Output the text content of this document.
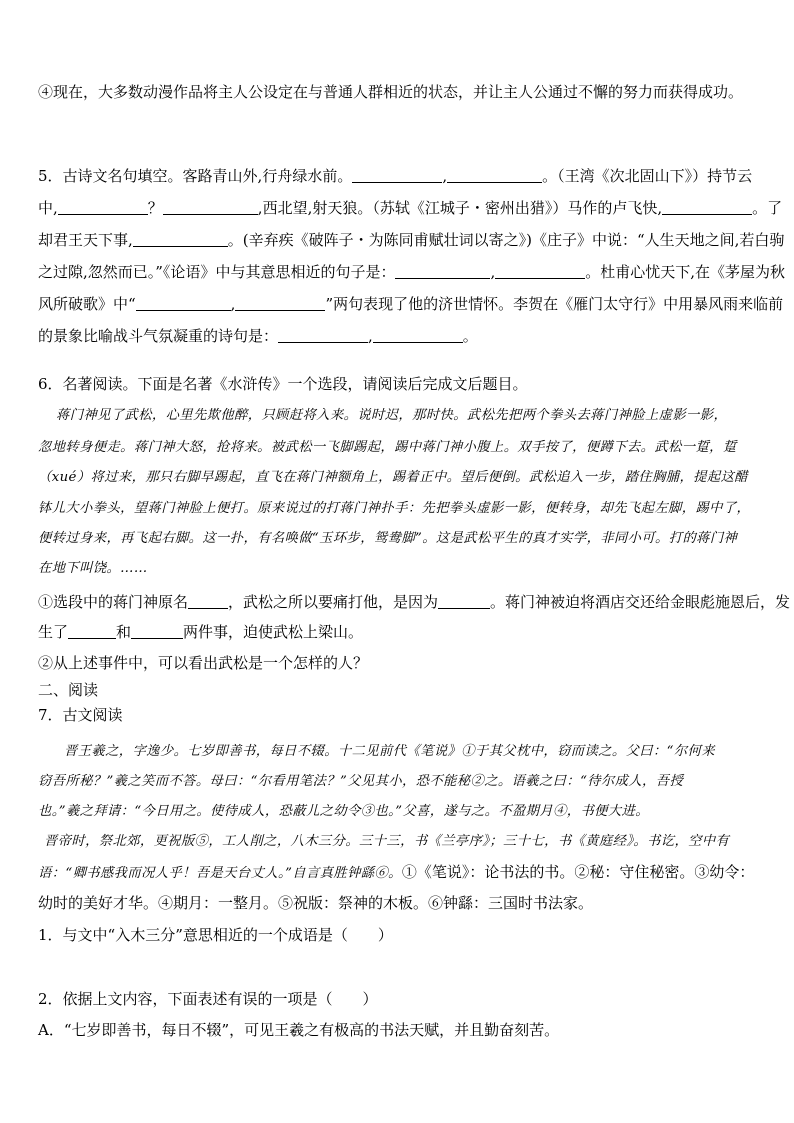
④现在，大多数动漫作品将主人公设定在与普通人群相近的状态，并让主人公通过不懈的努力而获得成功。
5．古诗文名句填空。客路青山外,行舟绿水前。	,	。（王湾《次北固山下》）持节云
中,	？	,西北望,射天狼。（苏轼《江城子・密州出猎》）马作的卢飞快,	。了
却君王天下事,	。(辛弃疾《破阵子・为陈同甫赋壮词以寄之》)《庄子》中说：“人生天地之间,若白驹
之过隙,忽然而已。”《论语》中与其意思相近的句子是：	,	。杜甫心忧天下,在《茅屋为秋
风所破歌》中“	,	”两句表现了他的济世情怀。李贺在《雁门太守行》中用暴风雨来临前
的景象比喻战斗气氛凝重的诗句是：	,	。
6．名著阅读。下面是名著《水浒传》一个选段，请阅读后完成文后题目。
蒋门神见了武松，心里先欺他醉，只顾赶将入来。说时迟，那时快。武松先把两个拳头去蒋门神脸上虚影一影，
忽地转身便走。蒋门神大怒，抢将来。被武松一飞脚踢起，踢中蒋门神小腹上。双手按了，便蹲下去。武松一踅，踅
（xué）将过来，那只右脚早踢起，直飞在蒋门神额角上，踢着正中。望后便倒。武松追入一步，踏住胸脯，提起这醋
钵儿大小拳头，望蒋门神脸上便打。原来说过的打蒋门神扑手：先把拳头虚影一影，便转身，却先飞起左脚，踢中了，
便转过身来，再飞起右脚。这一扑，有名唤做“玉环步，鸳鸯脚”。这是武松平生的真才实学，非同小可。打的蒋门神
在地下叫饶。……
①选段中的蒋门神原名	，武松之所以要痛打他，是因为	。蒋门神被迫将酒店交还给金眼彪施恩后，发
生了	和	两件事，迫使武松上梁山。
②从上述事件中，可以看出武松是一个怎样的人？
二、阅读
7．古文阅读
晋王羲之，字逸少。七岁即善书，每日不辍。十二见前代《笔说》①于其父枕中，窃而读之。父曰：“尔何来
窃吾所秘？”羲之笑而不答。母曰：“尔看用笔法？”父见其小，恐不能秘②之。语羲之曰：“待尔成人，吾授
也。”羲之拜请：“今日用之。使待成人，恐蔽儿之幼令③也。”父喜，遂与之。不盈期月④，书便大进。
晋帝时，祭北郊，更祝版⑤，工人削之，八木三分。三十三，书《兰亭序》；三十七，书《黄庭经》。书讫，空中有
语：“卿书感我而况人乎！吾是天台丈人。”自言真胜钟繇⑥。①《笔说》：论书法的书。②秘：守住秘密。③幼令：
幼时的美好才华。④期月：一整月。⑤祝版：祭神的木板。⑥钟繇：三国时书法家。
1．与文中“入木三分”意思相近的一个成语是（　　）
2．依据上文内容，下面表述有误的一项是（　　）
A．“七岁即善书，每日不辍”，可见王羲之有极高的书法天赋，并且勤奋刻苦。
